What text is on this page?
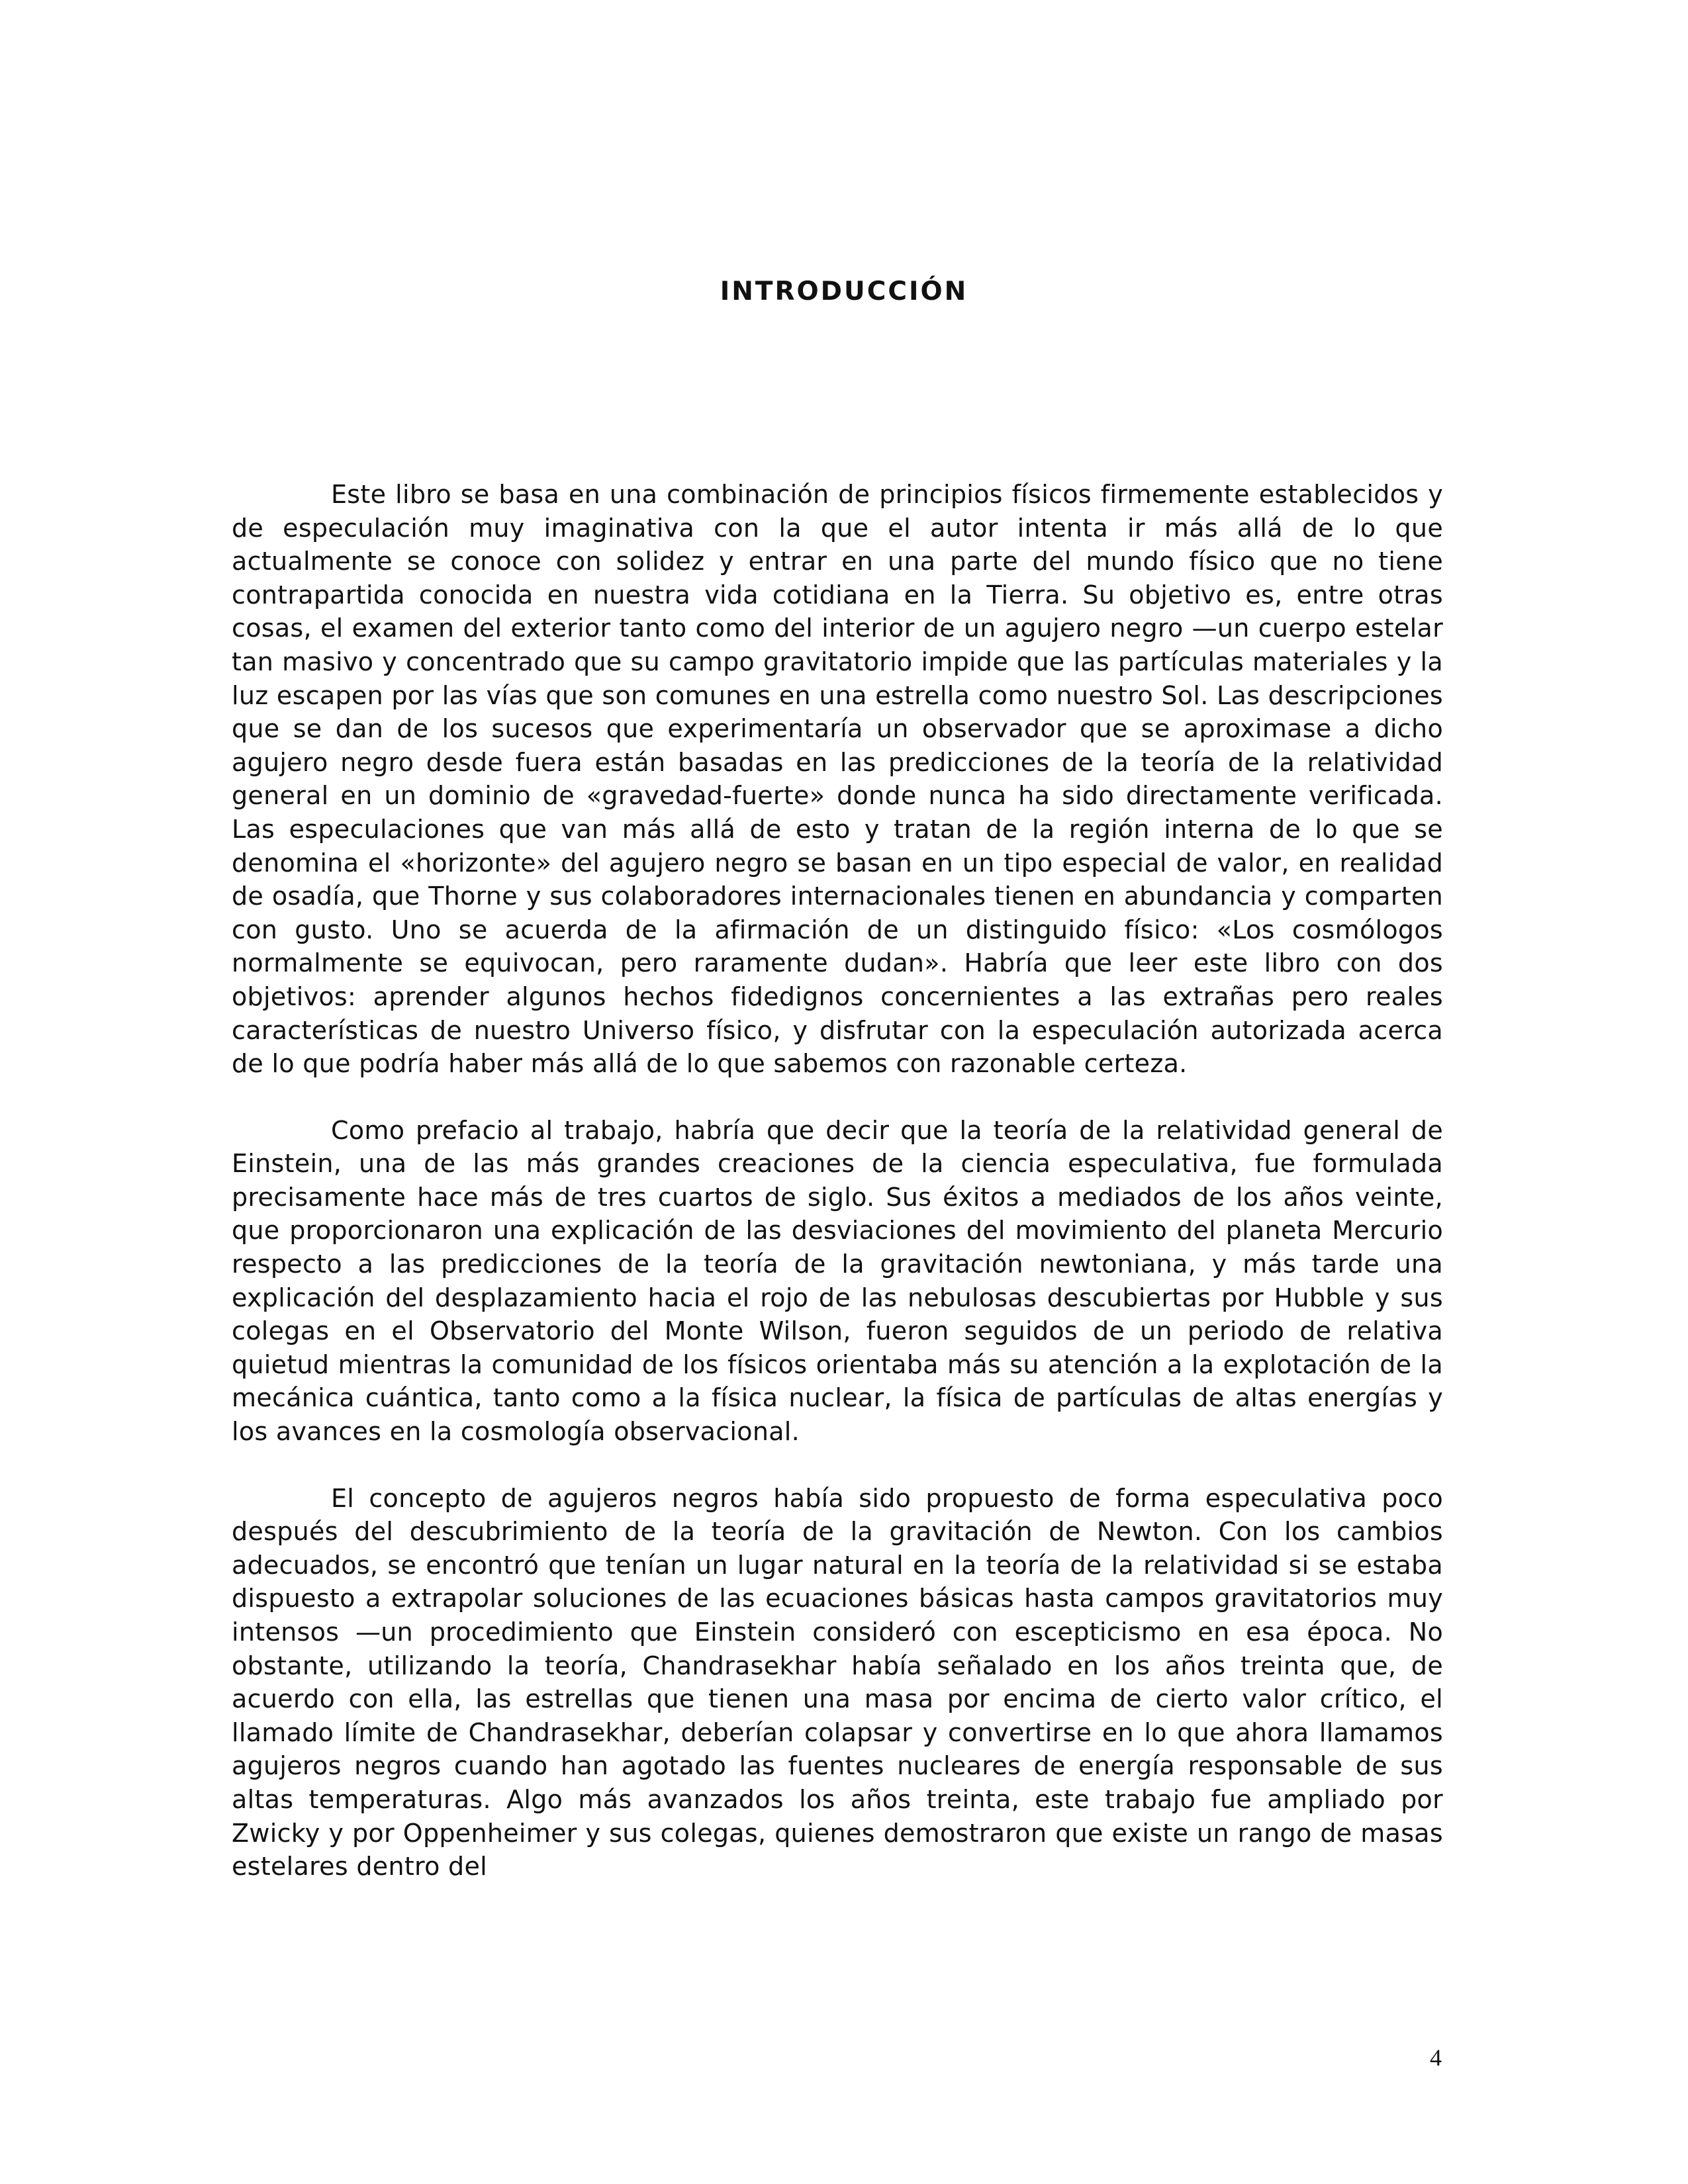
INTRODUCCIÓN

Este libro se basa en una combinación de principios físicos firmemente establecidos y de especulación muy imaginativa con la que el autor intenta ir más allá de lo que actualmente se conoce con solidez y entrar en una parte del mundo físico que no tiene contrapartida conocida en nuestra vida cotidiana en la Tierra. Su objetivo es, entre otras cosas, el examen del exterior tanto como del interior de un agujero negro —un cuerpo estelar tan masivo y concentrado que su campo gravitatorio impide que las partículas materiales y la luz escapen por las vías que son comunes en una estrella como nuestro Sol. Las descripciones que se dan de los sucesos que experimentaría un observador que se aproximase a dicho agujero negro desde fuera están basadas en las predicciones de la teoría de la relatividad general en un dominio de «gravedad-fuerte» donde nunca ha sido directamente verificada. Las especulaciones que van más allá de esto y tratan de la región interna de lo que se denomina el «horizonte» del agujero negro se basan en un tipo especial de valor, en realidad de osadía, que Thorne y sus colaboradores internacionales tienen en abundancia y comparten con gusto. Uno se acuerda de la afirmación de un distinguido físico: «Los cosmólogos normalmente se equivocan, pero raramente dudan». Habría que leer este libro con dos objetivos: aprender algunos hechos fidedignos concernientes a las extrañas pero reales características de nuestro Universo físico, y disfrutar con la especulación autorizada acerca de lo que podría haber más allá de lo que sabemos con razonable certeza.

Como prefacio al trabajo, habría que decir que la teoría de la relatividad general de Einstein, una de las más grandes creaciones de la ciencia especulativa, fue formulada precisamente hace más de tres cuartos de siglo. Sus éxitos a mediados de los años veinte, que proporcionaron una explicación de las desviaciones del movimiento del planeta Mercurio respecto a las predicciones de la teoría de la gravitación newtoniana, y más tarde una explicación del desplazamiento hacia el rojo de las nebulosas descubiertas por Hubble y sus colegas en el Observatorio del Monte Wilson, fueron seguidos de un periodo de relativa quietud mientras la comunidad de los físicos orientaba más su atención a la explotación de la mecánica cuántica, tanto como a la física nuclear, la física de partículas de altas energías y los avances en la cosmología observacional.

El concepto de agujeros negros había sido propuesto de forma especulativa poco después del descubrimiento de la teoría de la gravitación de Newton. Con los cambios adecuados, se encontró que tenían un lugar natural en la teoría de la relatividad si se estaba dispuesto a extrapolar soluciones de las ecuaciones básicas hasta campos gravitatorios muy intensos —un procedimiento que Einstein consideró con escepticismo en esa época. No obstante, utilizando la teoría, Chandrasekhar había señalado en los años treinta que, de acuerdo con ella, las estrellas que tienen una masa por encima de cierto valor crítico, el llamado límite de Chandrasekhar, deberían colapsar y convertirse en lo que ahora llamamos agujeros negros cuando han agotado las fuentes nucleares de energía responsable de sus altas temperaturas. Algo más avanzados los años treinta, este trabajo fue ampliado por Zwicky y por Oppenheimer y sus colegas, quienes demostraron que existe un rango de masas estelares dentro del

4
